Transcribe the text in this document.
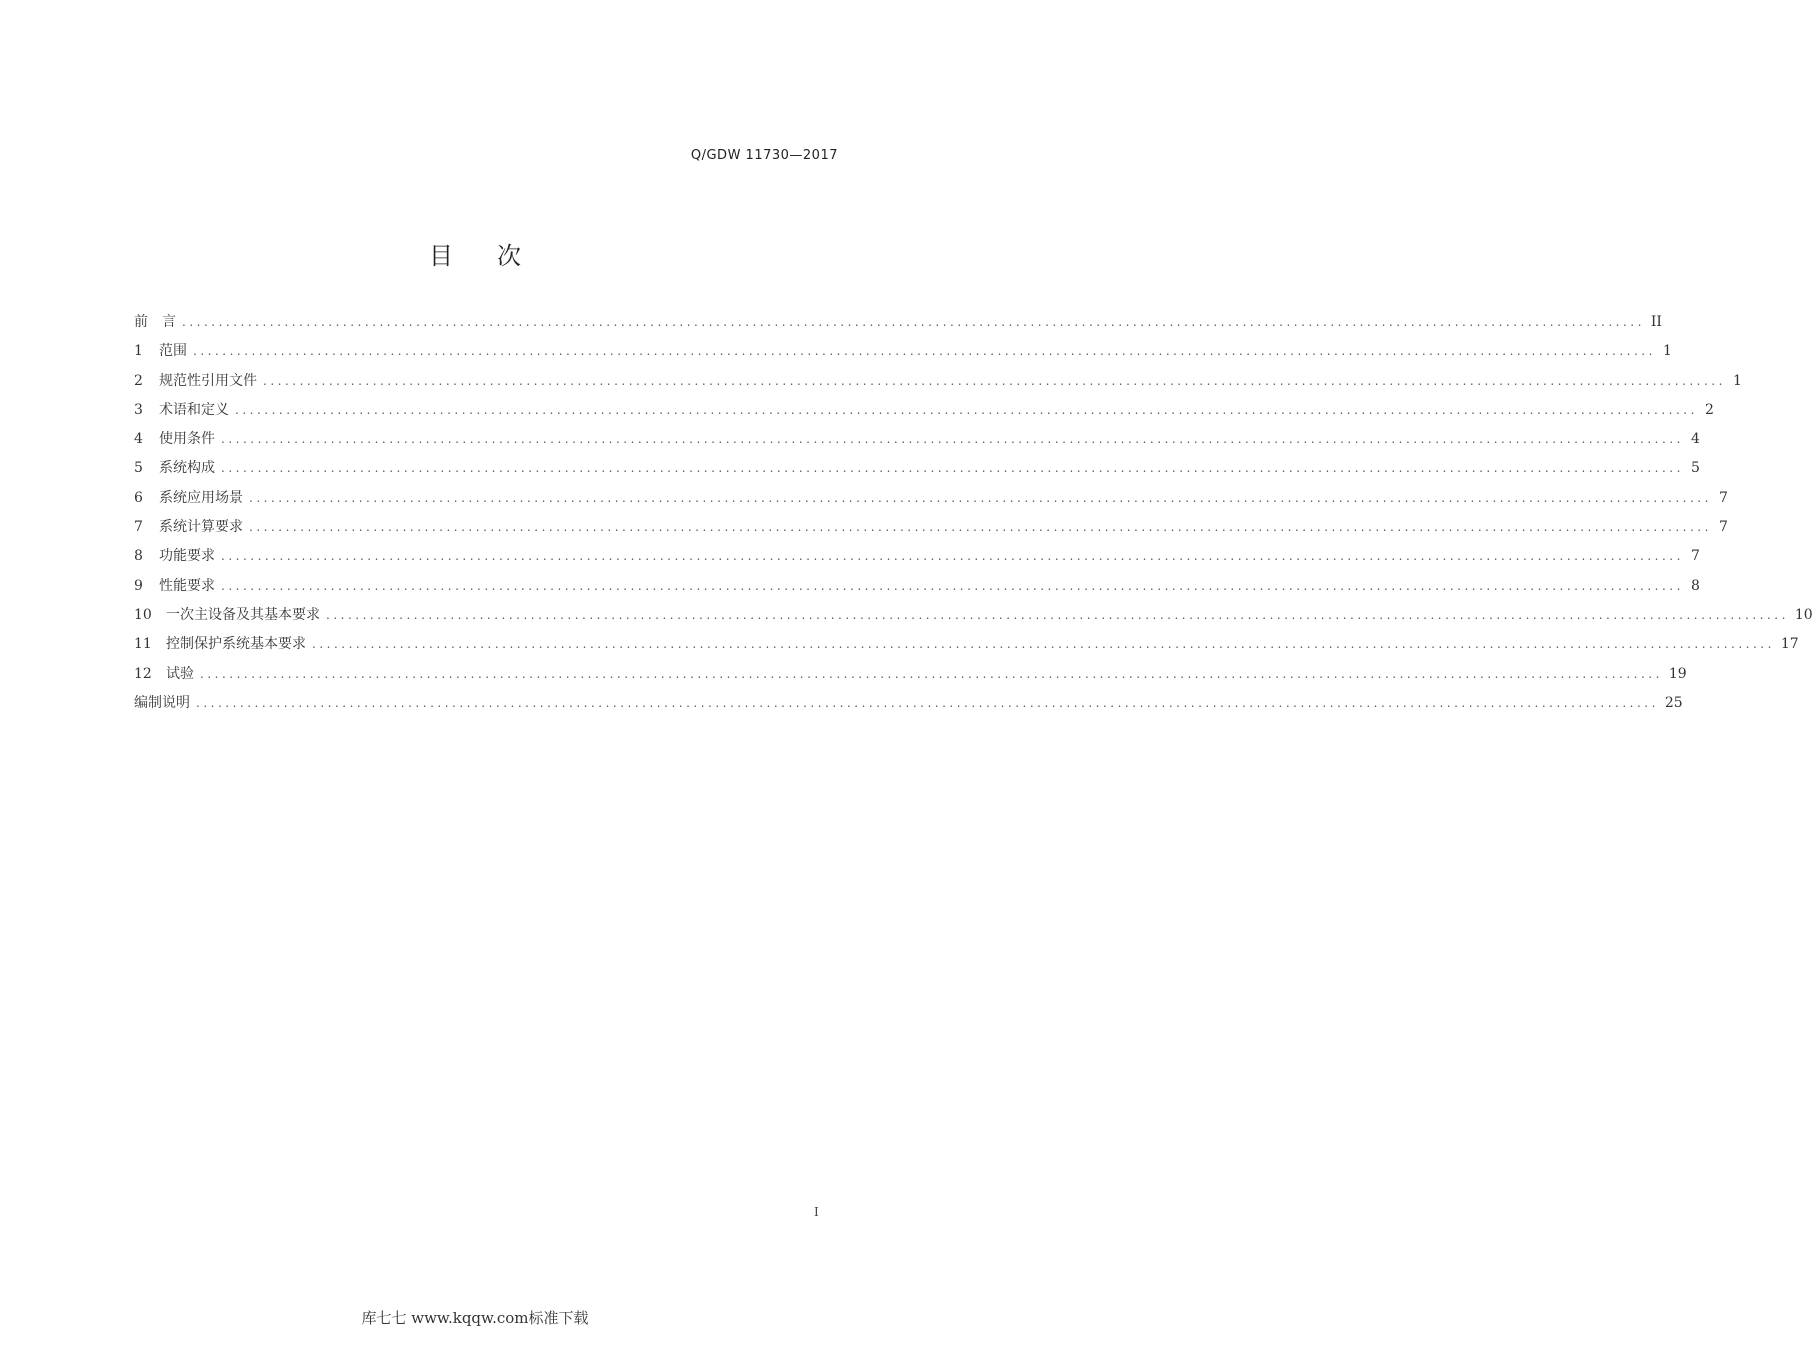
Q/GDW 11730—2017
目次
前　言 ........................................................................................................................................................................................................ II
1	范围 ........................................................................................................................................................................................................ 1
2	规范性引用文件 ........................................................................................................................................................................................................ 1
3	术语和定义 ........................................................................................................................................................................................................ 2
4	使用条件 ........................................................................................................................................................................................................ 4
5	系统构成 ........................................................................................................................................................................................................ 5
6	系统应用场景 ........................................................................................................................................................................................................ 7
7	系统计算要求 ........................................................................................................................................................................................................ 7
8	功能要求 ........................................................................................................................................................................................................ 7
9	性能要求 ........................................................................................................................................................................................................ 8
10	一次主设备及其基本要求 ........................................................................................................................................................................................................ 10
11	控制保护系统基本要求 ........................................................................................................................................................................................................ 17
12	试验 ........................................................................................................................................................................................................ 19
编制说明 ........................................................................................................................................................................................................ 25
I
库七七 www.kqqw.com标准下载
